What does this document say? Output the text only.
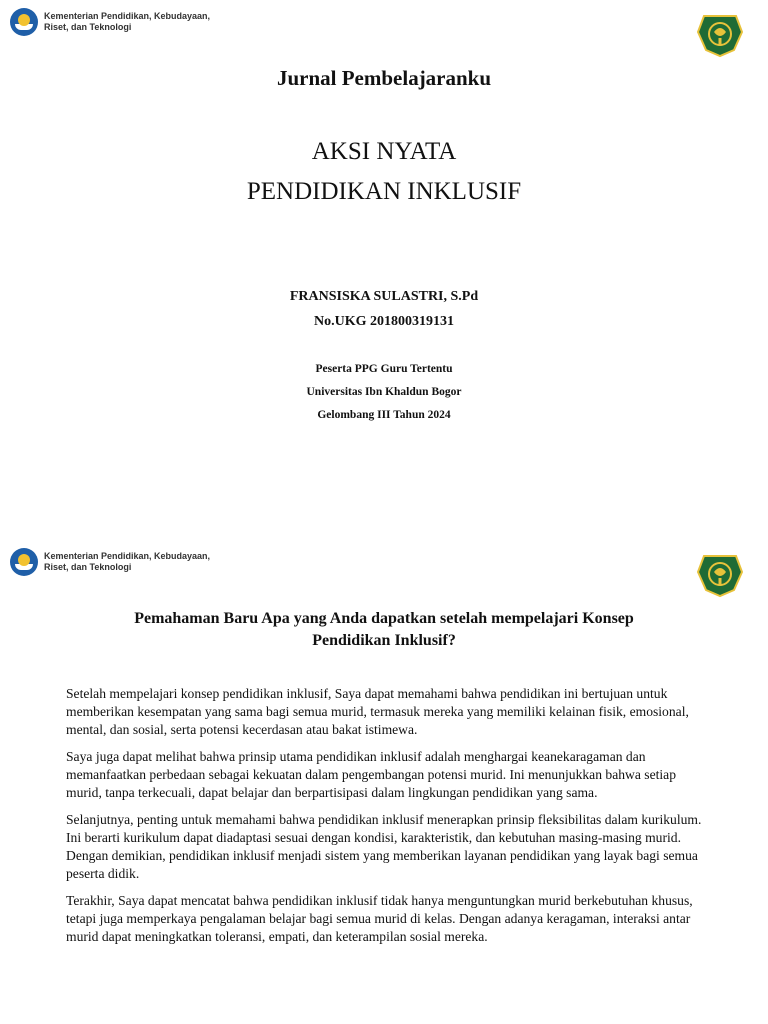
Kementerian Pendidikan, Kebudayaan,
Riset, dan Teknologi
Jurnal Pembelajaranku
AKSI NYATA
PENDIDIKAN INKLUSIF
FRANSISKA SULASTRI, S.Pd
No.UKG 201800319131
Peserta PPG Guru Tertentu
Universitas Ibn Khaldun Bogor
Gelombang III Tahun 2024
Kementerian Pendidikan, Kebudayaan,
Riset, dan Teknologi
Pemahaman Baru Apa yang Anda dapatkan setelah mempelajari Konsep
Pendidikan Inklusif?

Setelah mempelajari konsep pendidikan inklusif, Saya dapat memahami bahwa pendidikan ini bertujuan untuk memberikan kesempatan yang sama bagi semua murid, termasuk mereka yang memiliki kelainan fisik, emosional, mental, dan sosial, serta potensi kecerdasan atau bakat istimewa.

Saya juga dapat melihat bahwa prinsip utama pendidikan inklusif adalah menghargai keanekaragaman dan memanfaatkan perbedaan sebagai kekuatan dalam pengembangan potensi murid. Ini menunjukkan bahwa setiap murid, tanpa terkecuali, dapat belajar dan berpartisipasi dalam lingkungan pendidikan yang sama.

Selanjutnya, penting untuk memahami bahwa pendidikan inklusif menerapkan prinsip fleksibilitas dalam kurikulum. Ini berarti kurikulum dapat diadaptasi sesuai dengan kondisi, karakteristik, dan kebutuhan masing-masing murid. Dengan demikian, pendidikan inklusif menjadi sistem yang memberikan layanan pendidikan yang layak bagi semua peserta didik.

Terakhir, Saya dapat mencatat bahwa pendidikan inklusif tidak hanya menguntungkan murid berkebutuhan khusus, tetapi juga memperkaya pengalaman belajar bagi semua murid di kelas. Dengan adanya keragaman, interaksi antar murid dapat meningkatkan toleransi, empati, dan keterampilan sosial mereka.
